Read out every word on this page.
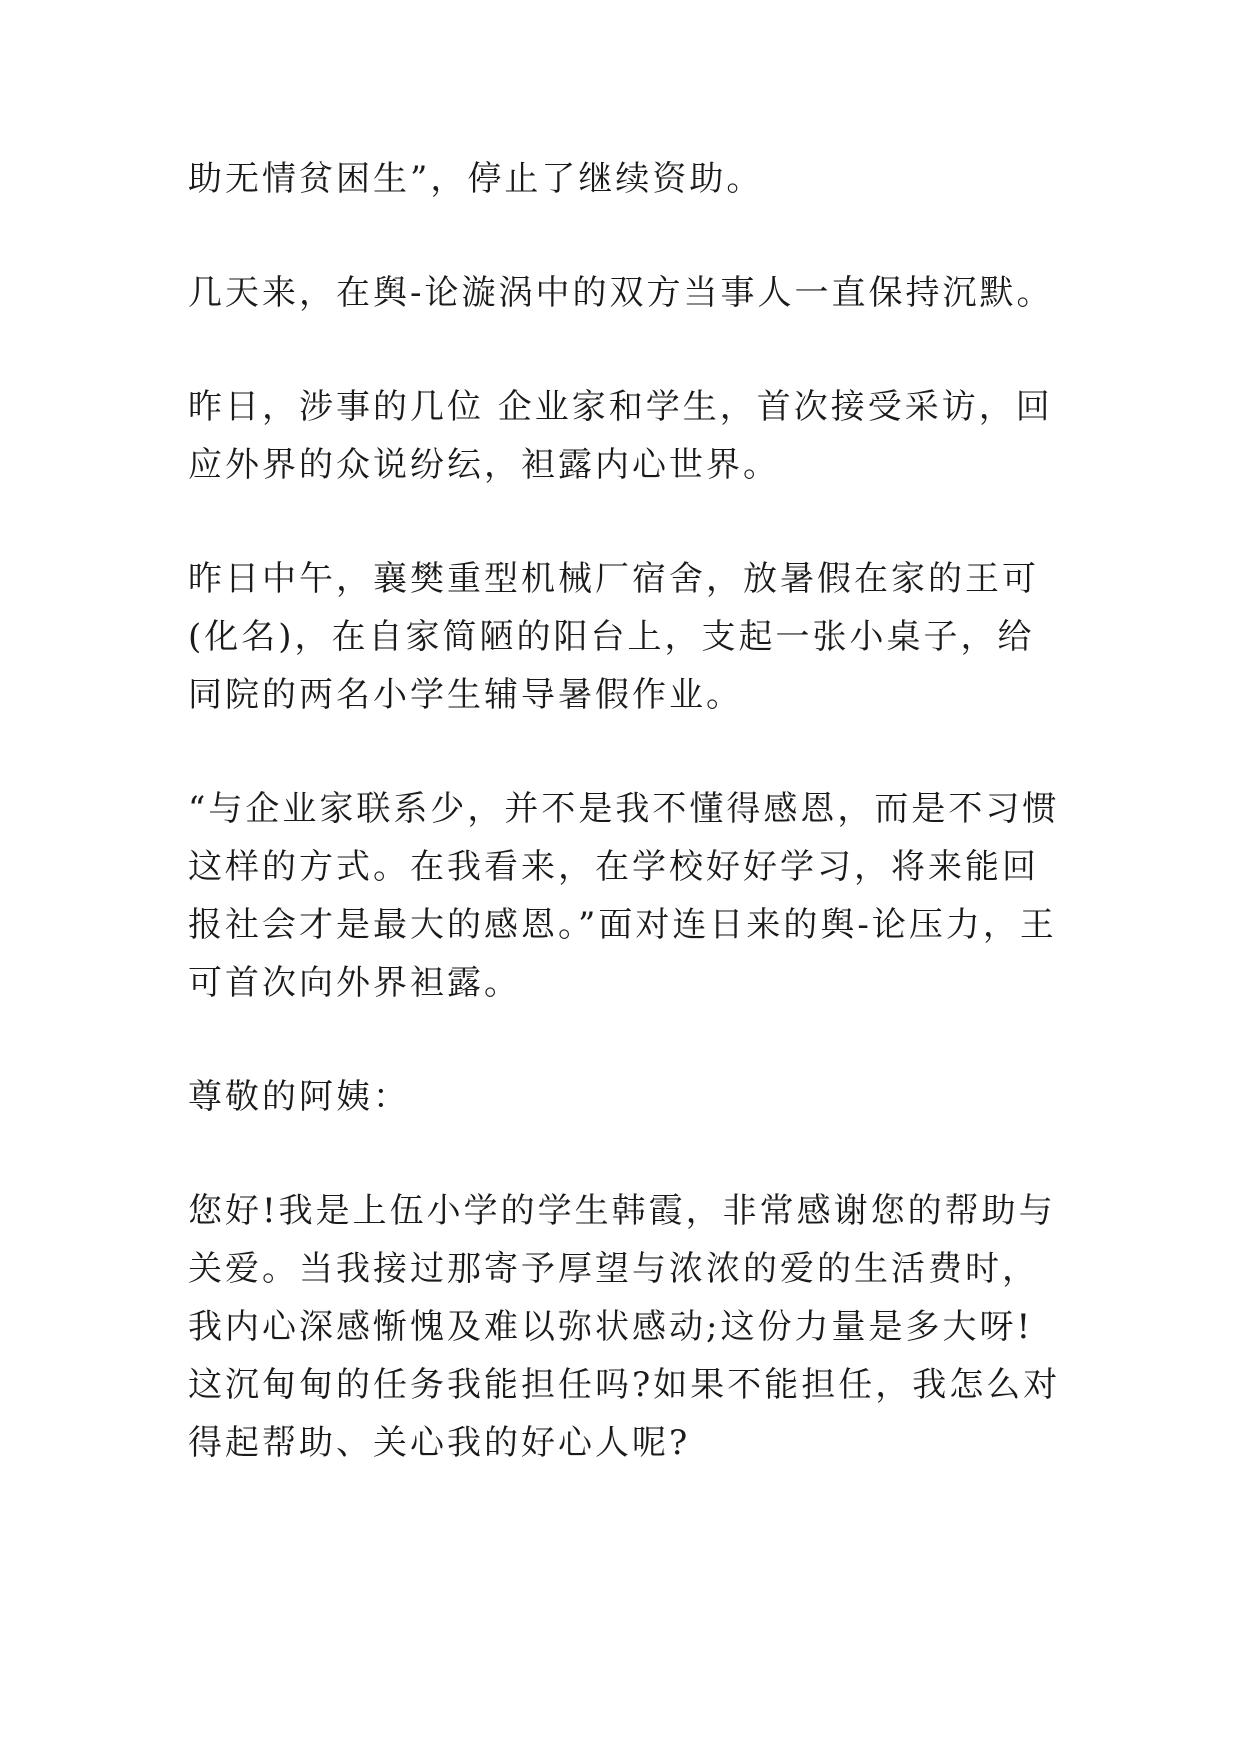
助无情贫困生”，停止了继续资助。

几天来，在舆-论漩涡中的双方当事人一直保持沉默。

昨日，涉事的几位 企业家和学生，首次接受采访，回应外界的众说纷纭，袒露内心世界。

昨日中午，襄樊重型机械厂宿舍，放暑假在家的王可(化名)，在自家简陋的阳台上，支起一张小桌子，给同院的两名小学生辅导暑假作业。

“与企业家联系少，并不是我不懂得感恩，而是不习惯这样的方式。在我看来，在学校好好学习，将来能回报社会才是最大的感恩。”面对连日来的舆-论压力，王可首次向外界袒露。

尊敬的阿姨：

您好!我是上伍小学的学生韩霞，非常感谢您的帮助与关爱。当我接过那寄予厚望与浓浓的爱的生活费时，我内心深感惭愧及难以弥状感动;这份力量是多大呀!这沉甸甸的任务我能担任吗?如果不能担任，我怎么对得起帮助、关心我的好心人呢?
